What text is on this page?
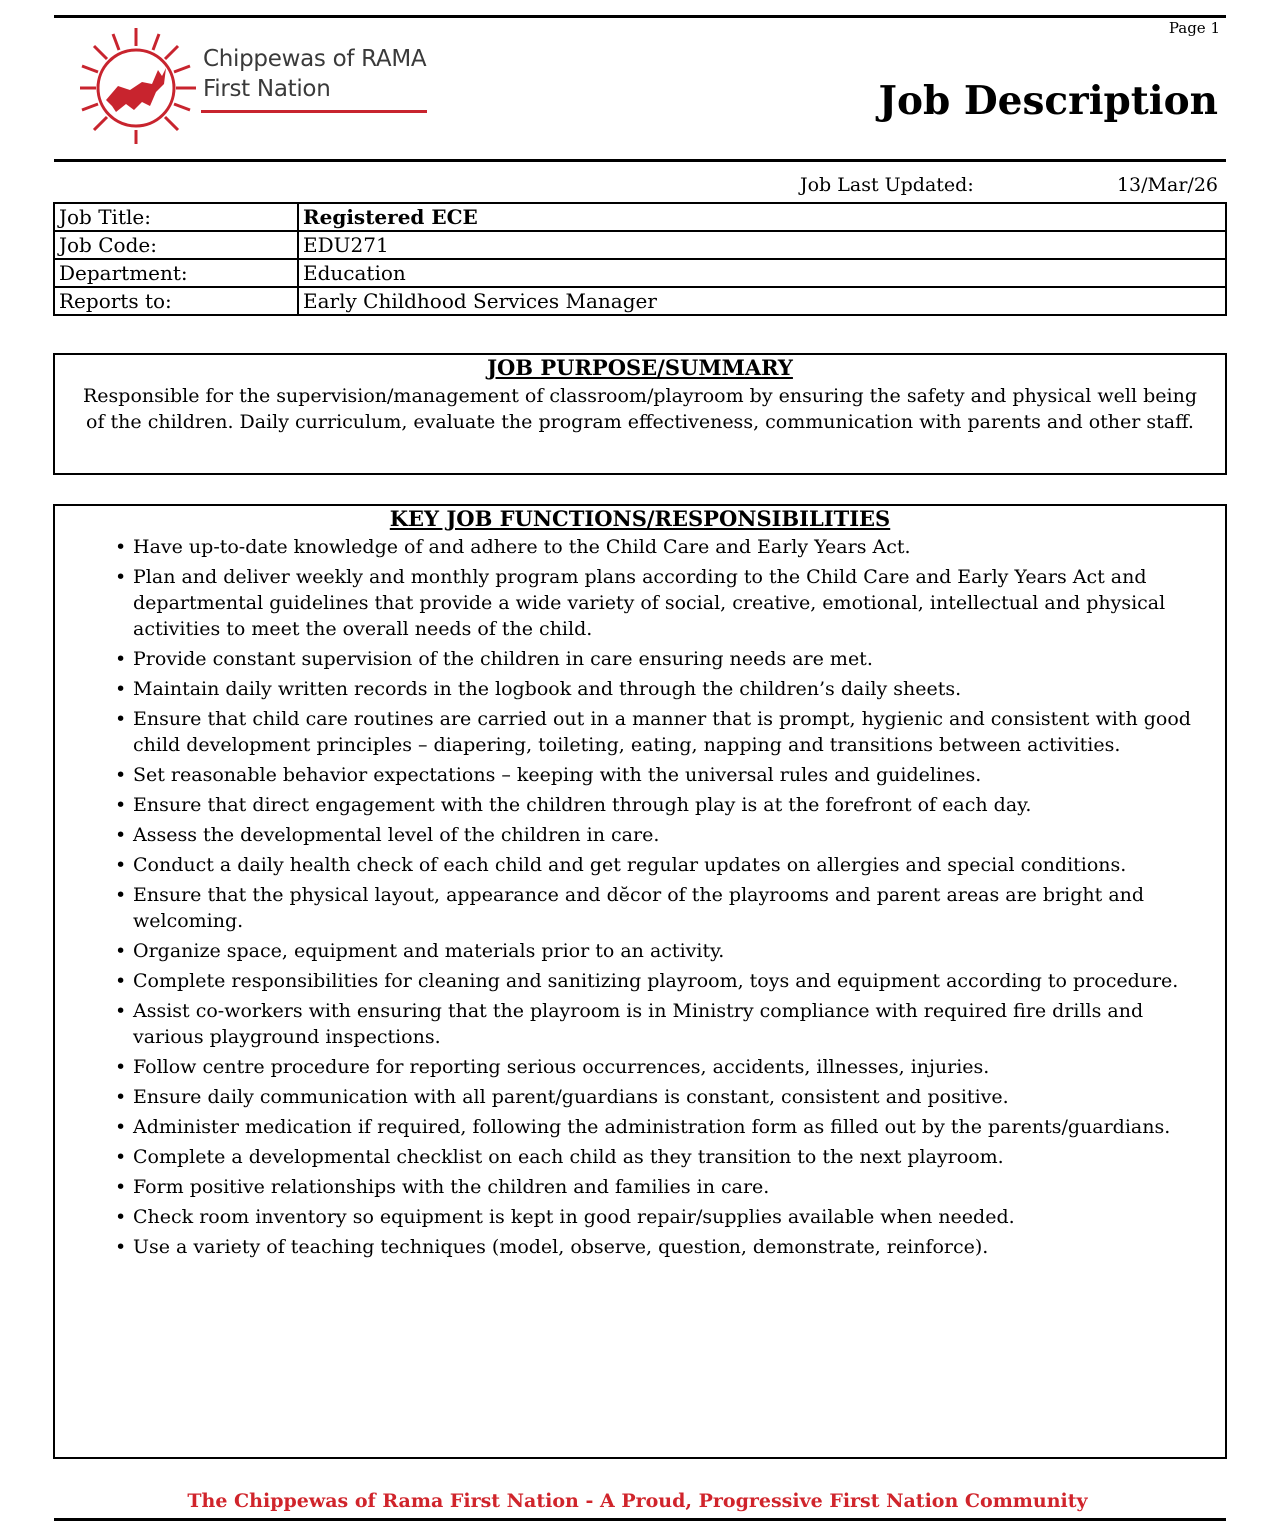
Page 1
Chippewas of RAMA
First Nation	Job Description
Job Last Updated:	13/Mar/26
Job Title:	Registered ECE
Job Code:	EDU271
Department:	Education
Reports to:	Early Childhood Services Manager
JOB PURPOSE/SUMMARY

Responsible for the supervision/management of classroom/playroom by ensuring the safety and physical well being of the children. Daily curriculum, evaluate the program effectiveness, communication with parents and other staff.

KEY JOB FUNCTIONS/RESPONSIBILITIES
• Have up-to-date knowledge of and adhere to the Child Care and Early Years Act.
• Plan and deliver weekly and monthly program plans according to the Child Care and Early Years Act and departmental guidelines that provide a wide variety of social, creative, emotional, intellectual and physical activities to meet the overall needs of the child.
• Provide constant supervision of the children in care ensuring needs are met.
• Maintain daily written records in the logbook and through the children’s daily sheets.
• Ensure that child care routines are carried out in a manner that is prompt, hygienic and consistent with good child development principles – diapering, toileting, eating, napping and transitions between activities.
• Set reasonable behavior expectations – keeping with the universal rules and guidelines.
• Ensure that direct engagement with the children through play is at the forefront of each day.
• Assess the developmental level of the children in care.
• Conduct a daily health check of each child and get regular updates on allergies and special conditions.
• Ensure that the physical layout, appearance and dĕcor of the playrooms and parent areas are bright and welcoming.
• Organize space, equipment and materials prior to an activity.
• Complete responsibilities for cleaning and sanitizing playroom, toys and equipment according to procedure.
• Assist co-workers with ensuring that the playroom is in Ministry compliance with required fire drills and various playground inspections.
• Follow centre procedure for reporting serious occurrences, accidents, illnesses, injuries.
• Ensure daily communication with all parent/guardians is constant, consistent and positive.
• Administer medication if required, following the administration form as filled out by the parents/guardians.
• Complete a developmental checklist on each child as they transition to the next playroom.
• Form positive relationships with the children and families in care.
• Check room inventory so equipment is kept in good repair/supplies available when needed.
• Use a variety of teaching techniques (model, observe, question, demonstrate, reinforce).
The Chippewas of Rama First Nation - A Proud, Progressive First Nation Community
